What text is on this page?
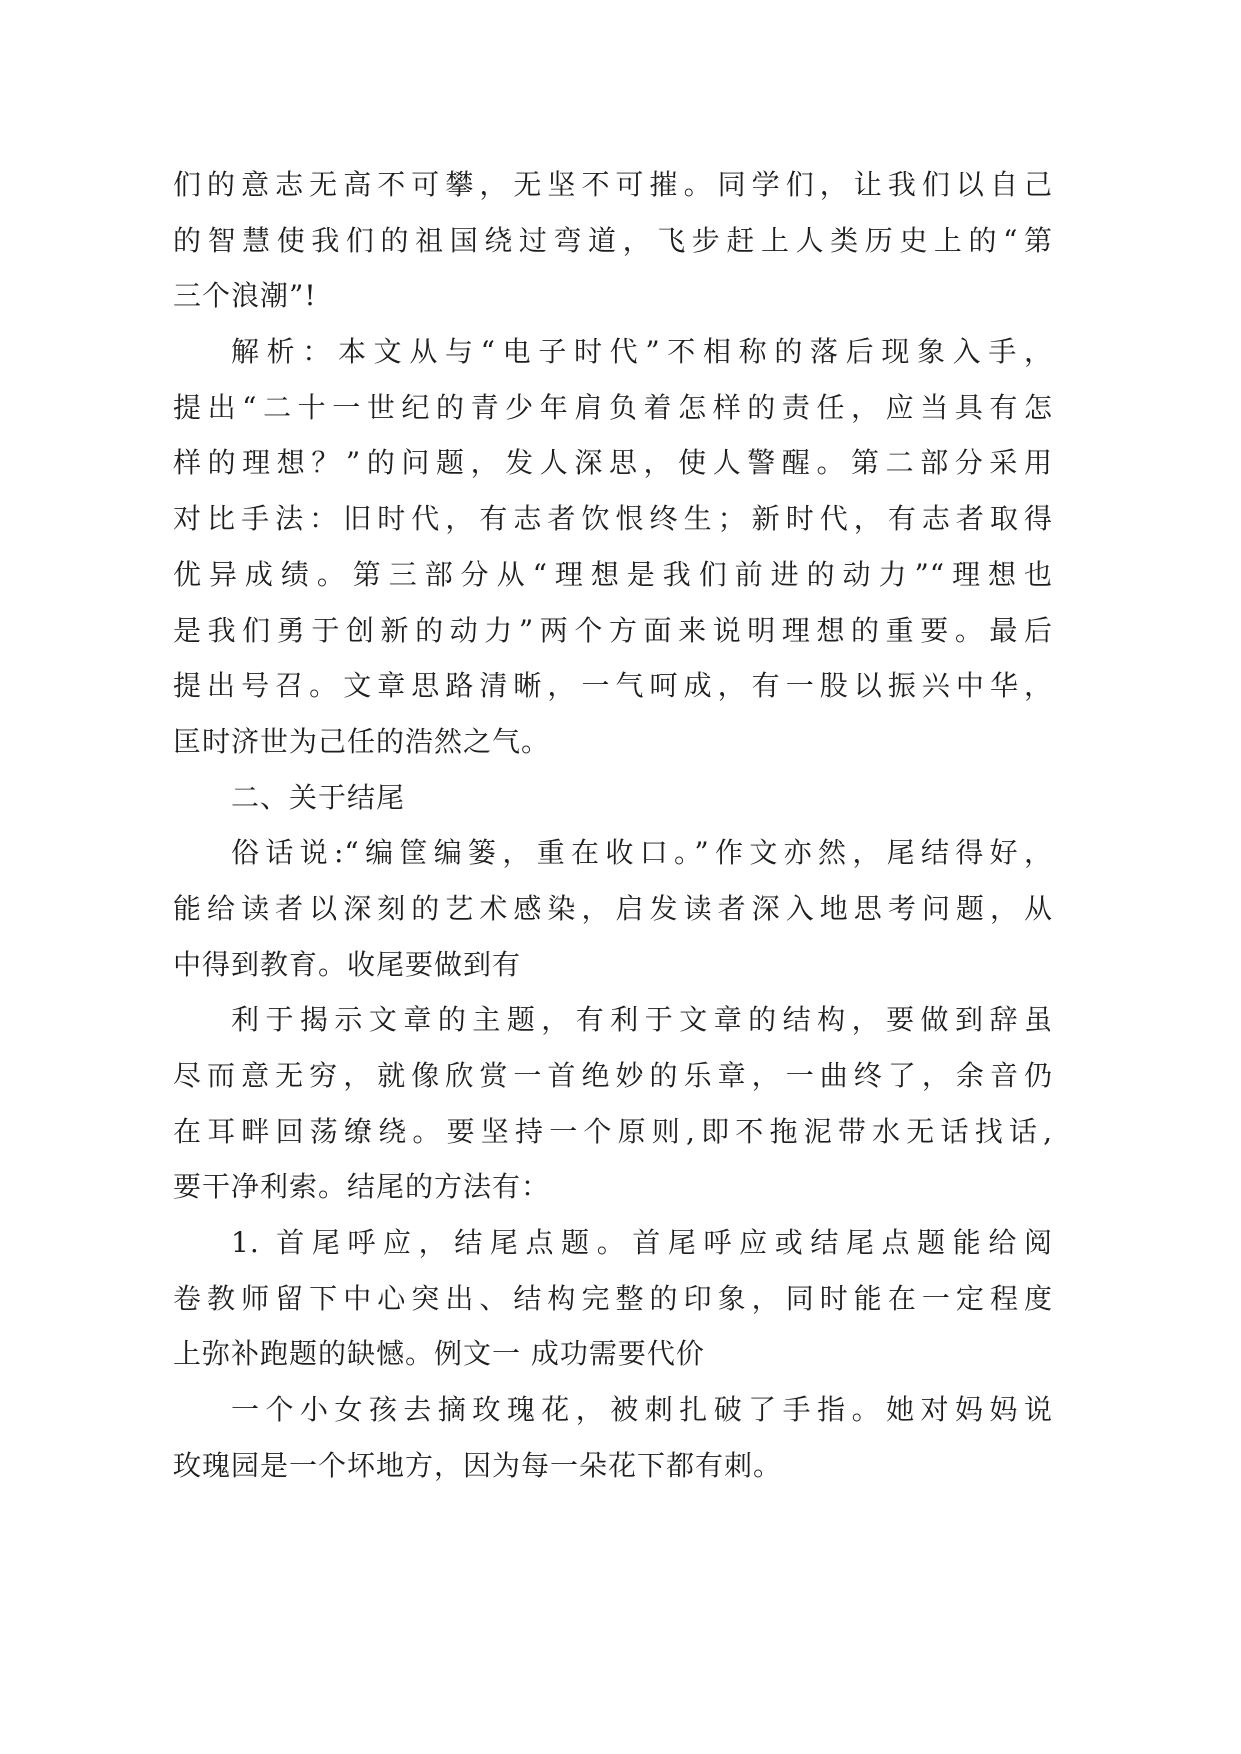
们的意志无高不可攀，无坚不可摧。同学们，让我们以自己
的智慧使我们的祖国绕过弯道，飞步赶上人类历史上的“第
三个浪潮”!
解析：本文从与“电子时代”不相称的落后现象入手，
提出“二十一世纪的青少年肩负着怎样的责任，应当具有怎
样的理想？”的问题，发人深思，使人警醒。第二部分采用
对比手法：旧时代，有志者饮恨终生；新时代，有志者取得
优异成绩。第三部分从“理想是我们前进的动力”“理想也
是我们勇于创新的动力”两个方面来说明理想的重要。最后
提出号召。文章思路清晰，一气呵成，有一股以振兴中华，
匡时济世为己任的浩然之气。
二、关于结尾
俗话说:“编筐编篓，重在收口。”作文亦然，尾结得好，
能给读者以深刻的艺术感染，启发读者深入地思考问题，从
中得到教育。收尾要做到有
利于揭示文章的主题，有利于文章的结构，要做到辞虽
尽而意无穷，就像欣赏一首绝妙的乐章，一曲终了，余音仍
在耳畔回荡缭绕。要坚持一个原则,即不拖泥带水无话找话,
要干净利索。结尾的方法有：
1. 首尾呼应，结尾点题。首尾呼应或结尾点题能给阅
卷教师留下中心突出、结构完整的印象，同时能在一定程度
上弥补跑题的缺憾。例文一 成功需要代价
一个小女孩去摘玫瑰花，被刺扎破了手指。她对妈妈说
玫瑰园是一个坏地方，因为每一朵花下都有刺。
